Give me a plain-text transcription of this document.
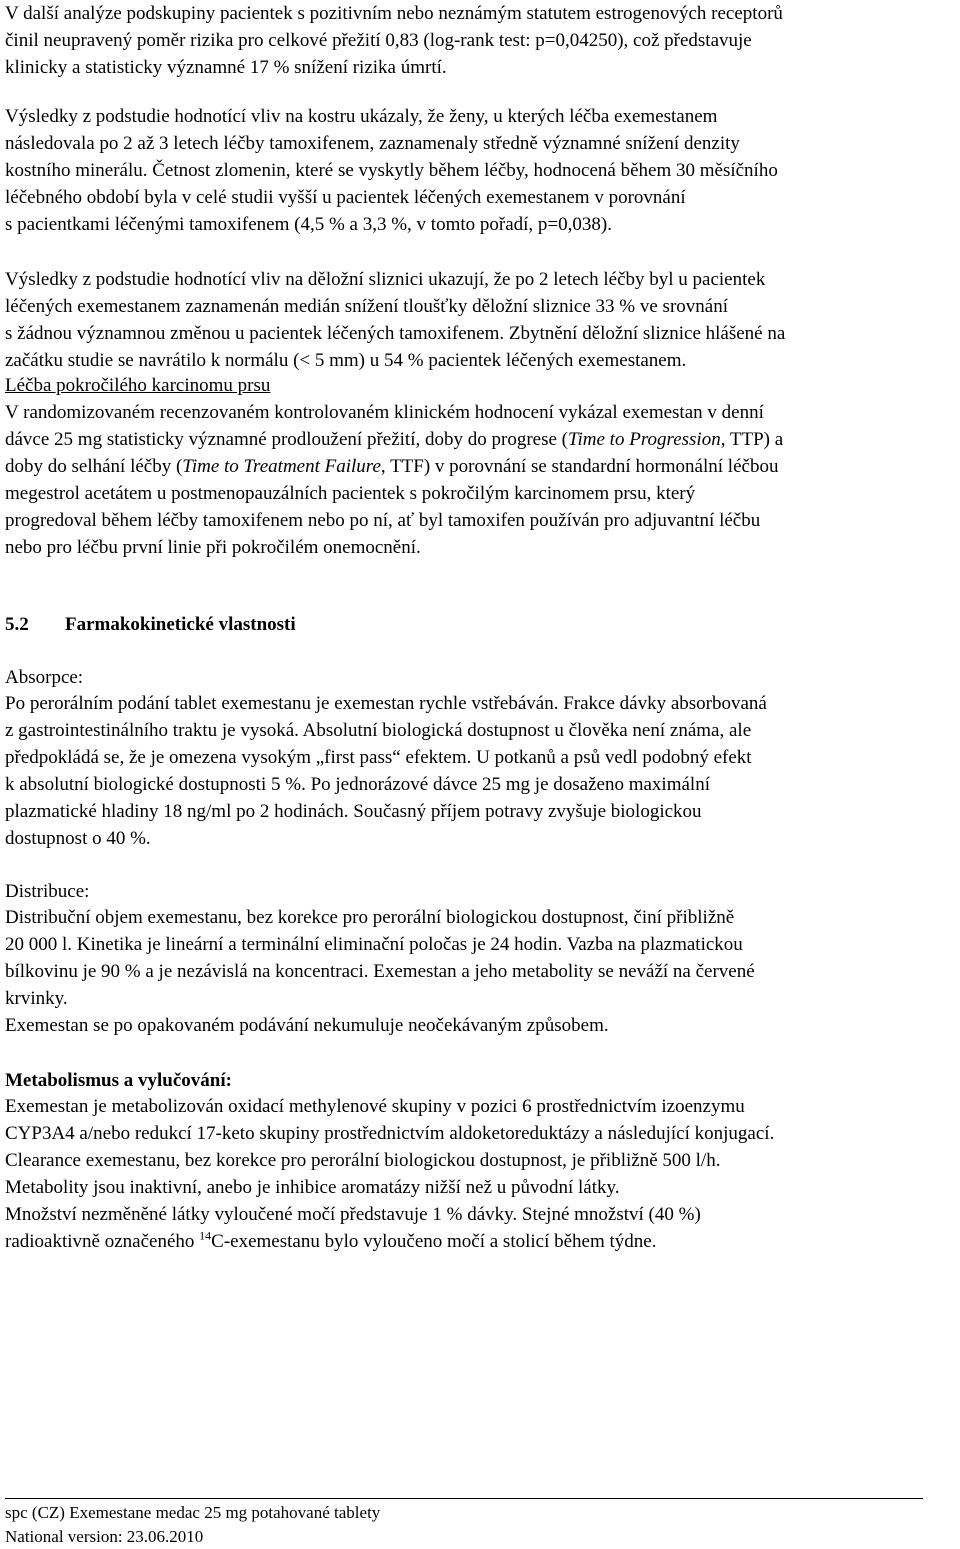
V další analýze podskupiny pacientek s pozitivním nebo neznámým statutem estrogenových receptorů
činil neupravený poměr rizika pro celkové přežití 0,83 (log-rank test: p=0,04250), což představuje
klinicky a statisticky významné 17 % snížení rizika úmrtí.

Výsledky z podstudie hodnotící vliv na kostru ukázaly, že ženy, u kterých léčba exemestanem
následovala po 2 až 3 letech léčby tamoxifenem, zaznamenaly středně významné snížení denzity
kostního minerálu. Četnost zlomenin, které se vyskytly během léčby, hodnocená během 30 měsíčního
léčebného období byla v celé studii vyšší u pacientek léčených exemestanem v porovnání
s pacientkami léčenými tamoxifenem (4,5 % a 3,3 %, v tomto pořadí, p=0,038).

Výsledky z podstudie hodnotící vliv na děložní sliznici ukazují, že po 2 letech léčby byl u pacientek
léčených exemestanem zaznamenán medián snížení tloušťky děložní sliznice 33 % ve srovnání
s žádnou významnou změnou u pacientek léčených tamoxifenem. Zbytnění děložní sliznice hlášené na
začátku studie se navrátilo k normálu (< 5 mm) u 54 % pacientek léčených exemestanem.

Léčba pokročilého karcinomu prsu
V randomizovaném recenzovaném kontrolovaném klinickém hodnocení vykázal exemestan v denní
dávce 25 mg statisticky významné prodloužení přežití, doby do progrese (Time to Progression, TTP) a
doby do selhání léčby (Time to Treatment Failure, TTF) v porovnání se standardní hormonální léčbou
megestrol acetátem u postmenopauzálních pacientek s pokročilým karcinomem prsu, který
progredoval během léčby tamoxifenem nebo po ní, ať byl tamoxifen používán pro adjuvantní léčbu
nebo pro léčbu první linie při pokročilém onemocnění.
5.2 Farmakokinetické vlastnosti
Absorpce:

Po perorálním podání tablet exemestanu je exemestan rychle vstřebáván. Frakce dávky absorbovaná
z gastrointestinálního traktu je vysoká. Absolutní biologická dostupnost u člověka není známa, ale
předpokládá se, že je omezena vysokým „first pass“ efektem. U potkanů a psů vedl podobný efekt
k absolutní biologické dostupnosti 5 %. Po jednorázové dávce 25 mg je dosaženo maximální
plazmatické hladiny 18 ng/ml po 2 hodinách. Současný příjem potravy zvyšuje biologickou
dostupnost o 40 %.

Distribuce:

Distribuční objem exemestanu, bez korekce pro perorální biologickou dostupnost, činí přibližně
20 000 l. Kinetika je lineární a terminální eliminační poločas je 24 hodin. Vazba na plazmatickou
bílkovinu je 90 % a je nezávislá na koncentraci. Exemestan a jeho metabolity se neváží na červené
krvinky.
Exemestan se po opakovaném podávání nekumuluje neočekávaným způsobem.

Metabolismus a vylučování:

Exemestan je metabolizován oxidací methylenové skupiny v pozici 6 prostřednictvím izoenzymu
CYP3A4 a/nebo redukcí 17-keto skupiny prostřednictvím aldoketoreduktázy a následující konjugací.
Clearance exemestanu, bez korekce pro perorální biologickou dostupnost, je přibližně 500 l/h.
Metabolity jsou inaktivní, anebo je inhibice aromatázy nižší než u původní látky.
Množství nezměněné látky vyloučené močí představuje 1 % dávky. Stejné množství (40 %)
radioaktivně označeného $^{14}$C-exemestanu bylo vyloučeno močí a stolicí během týdne.

spc (CZ) Exemestane medac 25 mg potahované tablety
National version: 23.06.2010
